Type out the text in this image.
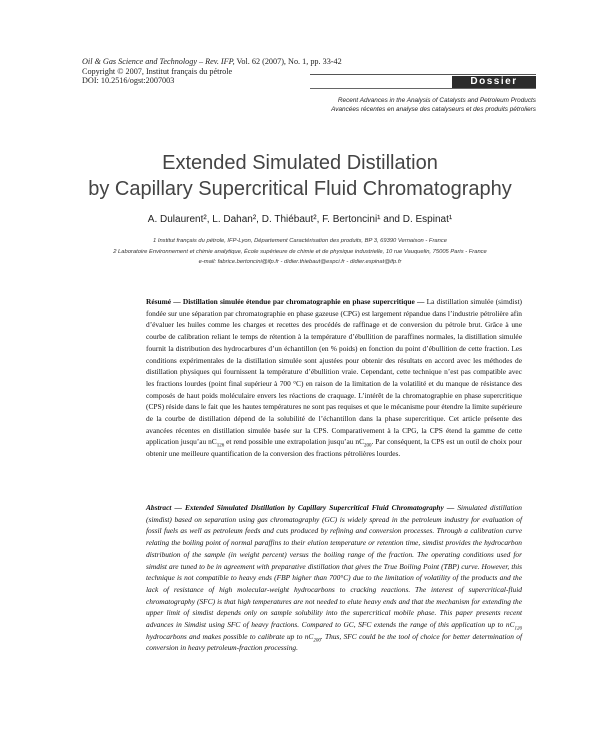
Oil & Gas Science and Technology – Rev. IFP, Vol. 62 (2007), No. 1, pp. 33-42
Copyright © 2007, Institut français du pétrole
DOI: 10.2516/ogst:2007003	Dossier
Recent Advances in the Analysis of Catalysts and Petroleum Products
Avancées récentes en analyse des catalyseurs et des produits pétroliers
Extended Simulated Distillation
by Capillary Supercritical Fluid Chromatography
A. Dulaurent², L. Dahan², D. Thiébaut², F. Bertoncini¹ and D. Espinat¹
1 Institut français du pétrole, IFP-Lyon, Département Caractérisation des produits, BP 3, 69390 Vernaison - France
2 Laboratoire Environnement et chimie analytique, École supérieure de chimie et de physique industrielle, 10 rue Vauquelin, 75005 Paris - France
e-mail: fabrice.bertoncini@ifp.fr - didier.thiebaut@espci.fr - didier.espinat@ifp.fr
Résumé — Distillation simulée étendue par chromatographie en phase supercritique — La distillation simulée (simdist) fondée sur une séparation par chromatographie en phase gazeuse (CPG) est largement répandue dans l’industrie pétrolière afin d’évaluer les huiles comme les charges et recettes des procédés de raffinage et de conversion du pétrole brut. Grâce à une courbe de calibration reliant le temps de rétention à la température d’ébullition de paraffines normales, la distillation simulée fournit la distribution des hydrocarbures d’un échantillon (en % poids) en fonction du point d’ébullition de cette fraction. Les conditions expérimentales de la distillation simulée sont ajustées pour obtenir des résultats en accord avec les méthodes de distillation physiques qui fournissent la température d’ébullition vraie. Cependant, cette technique n’est pas compatible avec les fractions lourdes (point final supérieur à 700 °C) en raison de la limitation de la volatilité et du manque de résistance des composés de haut poids moléculaire envers les réactions de craquage. L’intérêt de la chromatographie en phase supercritique (CPS) réside dans le fait que les hautes températures ne sont pas requises et que le mécanisme pour étendre la limite supérieure de la courbe de distillation dépend de la solubilité de l’échantillon dans la phase supercritique. Cet article présente des avancées récentes en distillation simulée basée sur la CPS. Comparativement à la CPG, la CPS étend la gamme de cette application jusqu’au $nC_{126}$ et rend possible une extrapolation jusqu’au $nC_{200}$. Par conséquent, la CPS est un outil de choix pour obtenir une meilleure quantification de la conversion des fractions pétrolières lourdes.
Abstract — Extended Simulated Distillation by Capillary Supercritical Fluid Chromatography — Simulated distillation (simdist) based on separation using gas chromatography (GC) is widely spread in the petroleum industry for evaluation of fossil fuels as well as petroleum feeds and cuts produced by refining and conversion processes. Through a calibration curve relating the boiling point of normal paraffins to their elution temperature or retention time, simdist provides the hydrocarbon distribution of the sample (in weight percent) versus the boiling range of the fraction. The operating conditions used for simdist are tuned to be in agreement with preparative distillation that gives the True Boiling Point (TBP) curve. However, this technique is not compatible to heavy ends (FBP higher than 700°C) due to the limitation of volatility of the products and the lack of resistance of high molecular-weight hydrocarbons to cracking reactions. The interest of supercritical-fluid chromatography (SFC) is that high temperatures are not needed to elute heavy ends and that the mechanism for extending the upper limit of simdist depends only on sample solubility into the supercritical mobile phase. This paper presents recent advances in Simdist using SFC of heavy fractions. Compared to GC, SFC extends the range of this application up to $nC_{126}$ hydrocarbons and makes possible to calibrate up to $nC_{200}$. Thus, SFC could be the tool of choice for better determination of conversion in heavy petroleum-fraction processing.
